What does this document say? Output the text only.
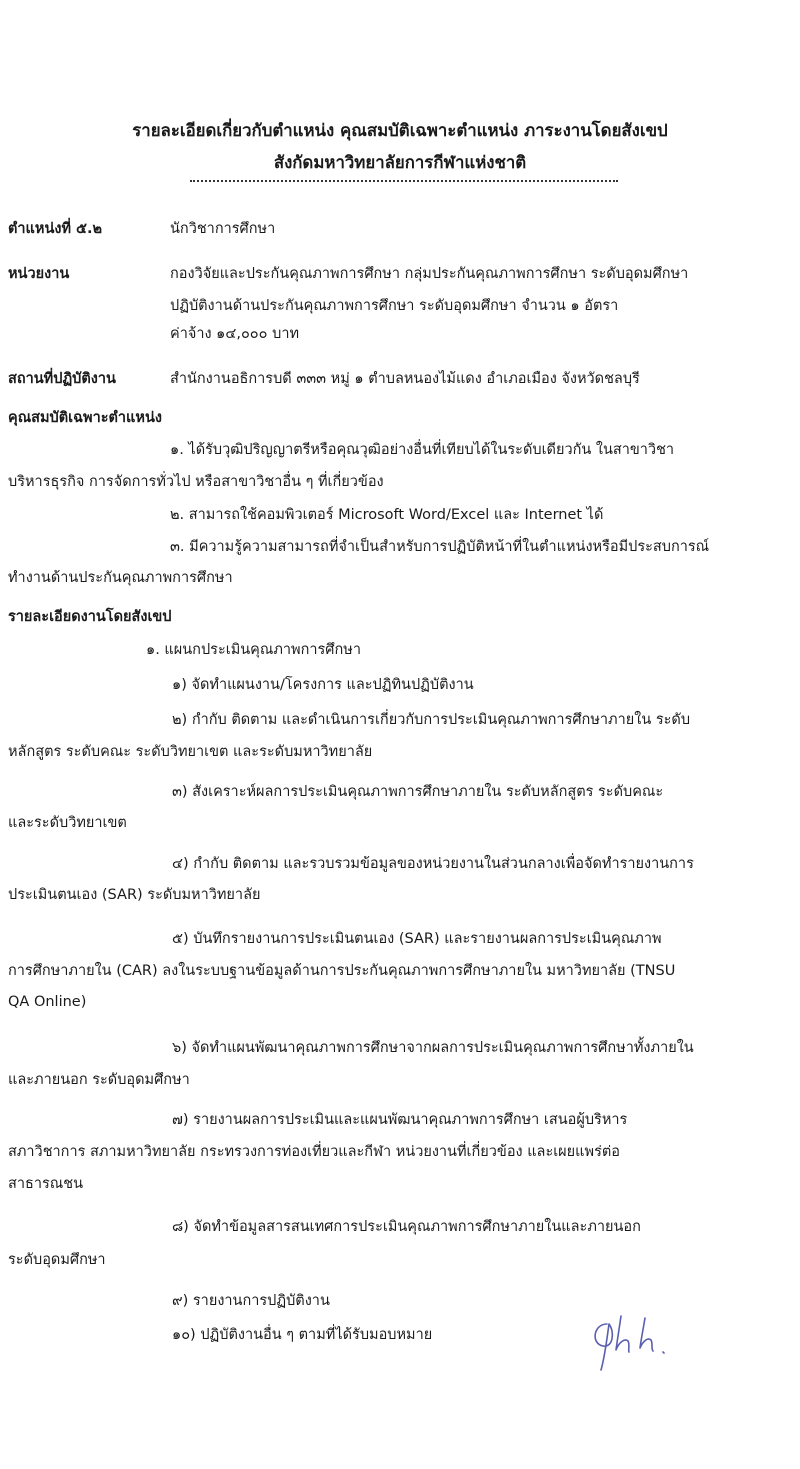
รายละเอียดเกี่ยวกับตำแหน่ง คุณสมบัติเฉพาะตำแหน่ง ภาระงานโดยสังเขป
สังกัดมหาวิทยาลัยการกีฬาแห่งชาติ
ตำแหน่งที่ ๕.๒	นักวิชาการศึกษา
หน่วยงาน	กองวิจัยและประกันคุณภาพการศึกษา กลุ่มประกันคุณภาพการศึกษา ระดับอุดมศึกษา
ปฏิบัติงานด้านประกันคุณภาพการศึกษา ระดับอุดมศึกษา จำนวน ๑ อัตรา
ค่าจ้าง ๑๔,๐๐๐ บาท
สถานที่ปฏิบัติงาน	สำนักงานอธิการบดี ๓๓๓ หมู่ ๑ ตำบลหนองไม้แดง อำเภอเมือง จังหวัดชลบุรี
คุณสมบัติเฉพาะตำแหน่ง
๑. ได้รับวุฒิปริญญาตรีหรือคุณวุฒิอย่างอื่นที่เทียบได้ในระดับเดียวกัน ในสาขาวิชา
บริหารธุรกิจ การจัดการทั่วไป หรือสาขาวิชาอื่น ๆ ที่เกี่ยวข้อง
๒. สามารถใช้คอมพิวเตอร์ Microsoft Word/Excel และ Internet ได้
๓. มีความรู้ความสามารถที่จำเป็นสำหรับการปฏิบัติหน้าที่ในตำแหน่งหรือมีประสบการณ์
ทำงานด้านประกันคุณภาพการศึกษา
รายละเอียดงานโดยสังเขป
๑. แผนกประเมินคุณภาพการศึกษา
๑) จัดทำแผนงาน/โครงการ และปฏิทินปฏิบัติงาน
๒) กำกับ ติดตาม และดำเนินการเกี่ยวกับการประเมินคุณภาพการศึกษาภายใน ระดับ
หลักสูตร ระดับคณะ ระดับวิทยาเขต และระดับมหาวิทยาลัย
๓) สังเคราะห์ผลการประเมินคุณภาพการศึกษาภายใน ระดับหลักสูตร ระดับคณะ
และระดับวิทยาเขต
๔) กำกับ ติดตาม และรวบรวมข้อมูลของหน่วยงานในส่วนกลางเพื่อจัดทำรายงานการ
ประเมินตนเอง (SAR) ระดับมหาวิทยาลัย
๕) บันทึกรายงานการประเมินตนเอง (SAR) และรายงานผลการประเมินคุณภาพ
การศึกษาภายใน (CAR) ลงในระบบฐานข้อมูลด้านการประกันคุณภาพการศึกษาภายใน มหาวิทยาลัย (TNSU
QA Online)
๖) จัดทำแผนพัฒนาคุณภาพการศึกษาจากผลการประเมินคุณภาพการศึกษาทั้งภายใน
และภายนอก ระดับอุดมศึกษา
๗) รายงานผลการประเมินและแผนพัฒนาคุณภาพการศึกษา เสนอผู้บริหาร
สภาวิชาการ สภามหาวิทยาลัย กระทรวงการท่องเที่ยวและกีฬา หน่วยงานที่เกี่ยวข้อง และเผยแพร่ต่อ
สาธารณชน
๘) จัดทำข้อมูลสารสนเทศการประเมินคุณภาพการศึกษาภายในและภายนอก
ระดับอุดมศึกษา
๙) รายงานการปฏิบัติงาน
๑๐) ปฏิบัติงานอื่น ๆ ตามที่ได้รับมอบหมาย
